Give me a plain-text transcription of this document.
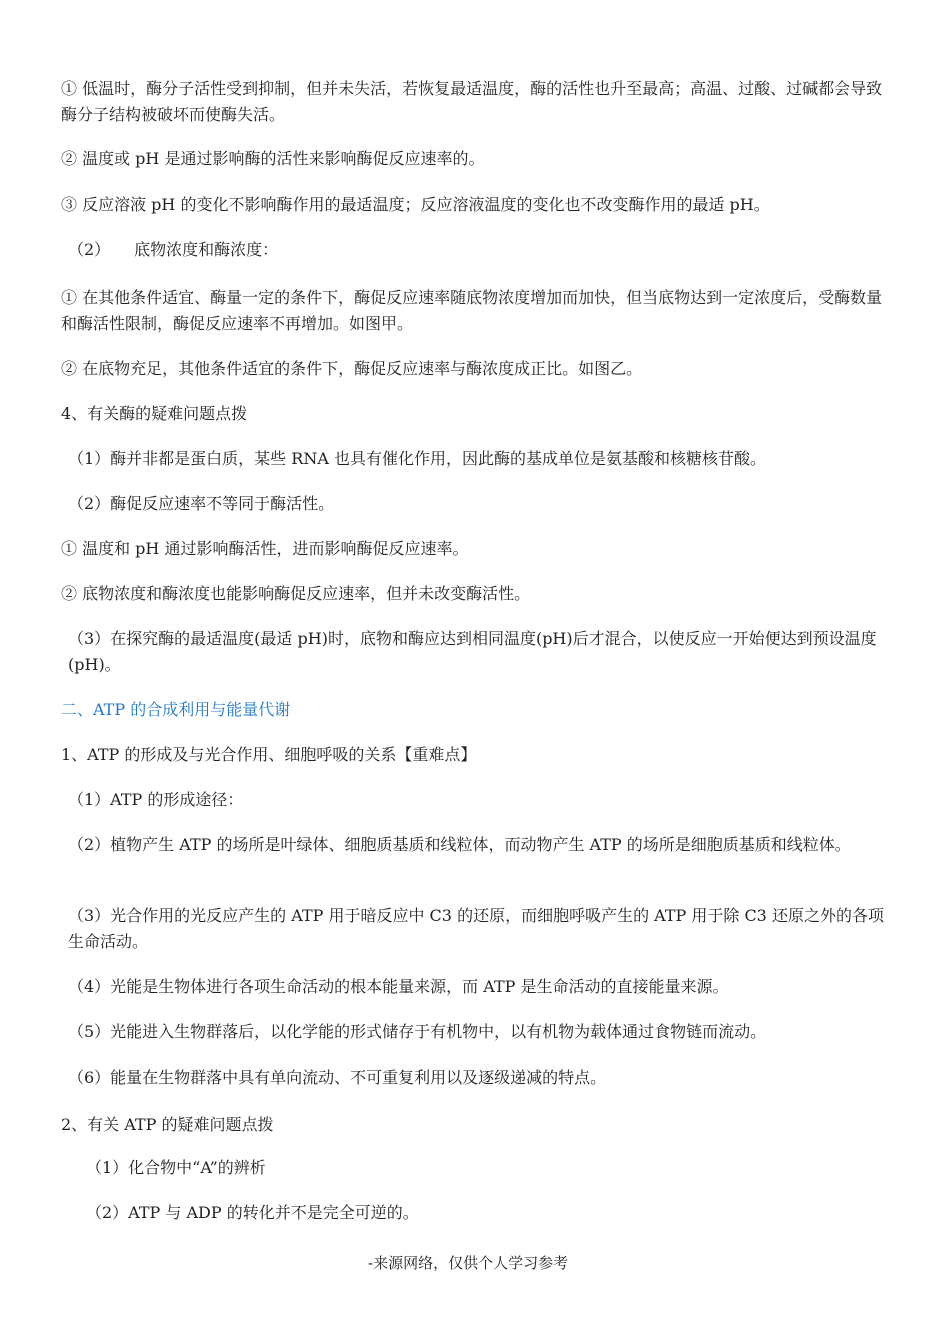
① 低温时，酶分子活性受到抑制，但并未失活，若恢复最适温度，酶的活性也升至最高；高温、过酸、过碱都会导致酶分子结构被破坏而使酶失活。

② 温度或 pH 是通过影响酶的活性来影响酶促反应速率的。

③ 反应溶液 pH 的变化不影响酶作用的最适温度；反应溶液温度的变化也不改变酶作用的最适 pH。

（2）　　底物浓度和酶浓度：

① 在其他条件适宜、酶量一定的条件下，酶促反应速率随底物浓度增加而加快，但当底物达到一定浓度后，受酶数量和酶活性限制，酶促反应速率不再增加。如图甲。

② 在底物充足，其他条件适宜的条件下，酶促反应速率与酶浓度成正比。如图乙。

4、有关酶的疑难问题点拨

（1）酶并非都是蛋白质，某些 RNA 也具有催化作用，因此酶的基成单位是氨基酸和核糖核苷酸。

（2）酶促反应速率不等同于酶活性。

① 温度和 pH 通过影响酶活性，进而影响酶促反应速率。

② 底物浓度和酶浓度也能影响酶促反应速率，但并未改变酶活性。

（3）在探究酶的最适温度(最适 pH)时，底物和酶应达到相同温度(pH)后才混合，以使反应一开始便达到预设温度(pH)。

二、ATP 的合成利用与能量代谢

1、ATP 的形成及与光合作用、细胞呼吸的关系【重难点】

（1）ATP 的形成途径：

（2）植物产生 ATP 的场所是叶绿体、细胞质基质和线粒体，而动物产生 ATP 的场所是细胞质基质和线粒体。

（3）光合作用的光反应产生的 ATP 用于暗反应中 C3 的还原，而细胞呼吸产生的 ATP 用于除 C3 还原之外的各项生命活动。

（4）光能是生物体进行各项生命活动的根本能量来源，而 ATP 是生命活动的直接能量来源。

（5）光能进入生物群落后，以化学能的形式储存于有机物中，以有机物为载体通过食物链而流动。

（6）能量在生物群落中具有单向流动、不可重复利用以及逐级递减的特点。

2、有关 ATP 的疑难问题点拨

（1）化合物中“A”的辨析

（2）ATP 与 ADP 的转化并不是完全可逆的。

-来源网络，仅供个人学习参考
